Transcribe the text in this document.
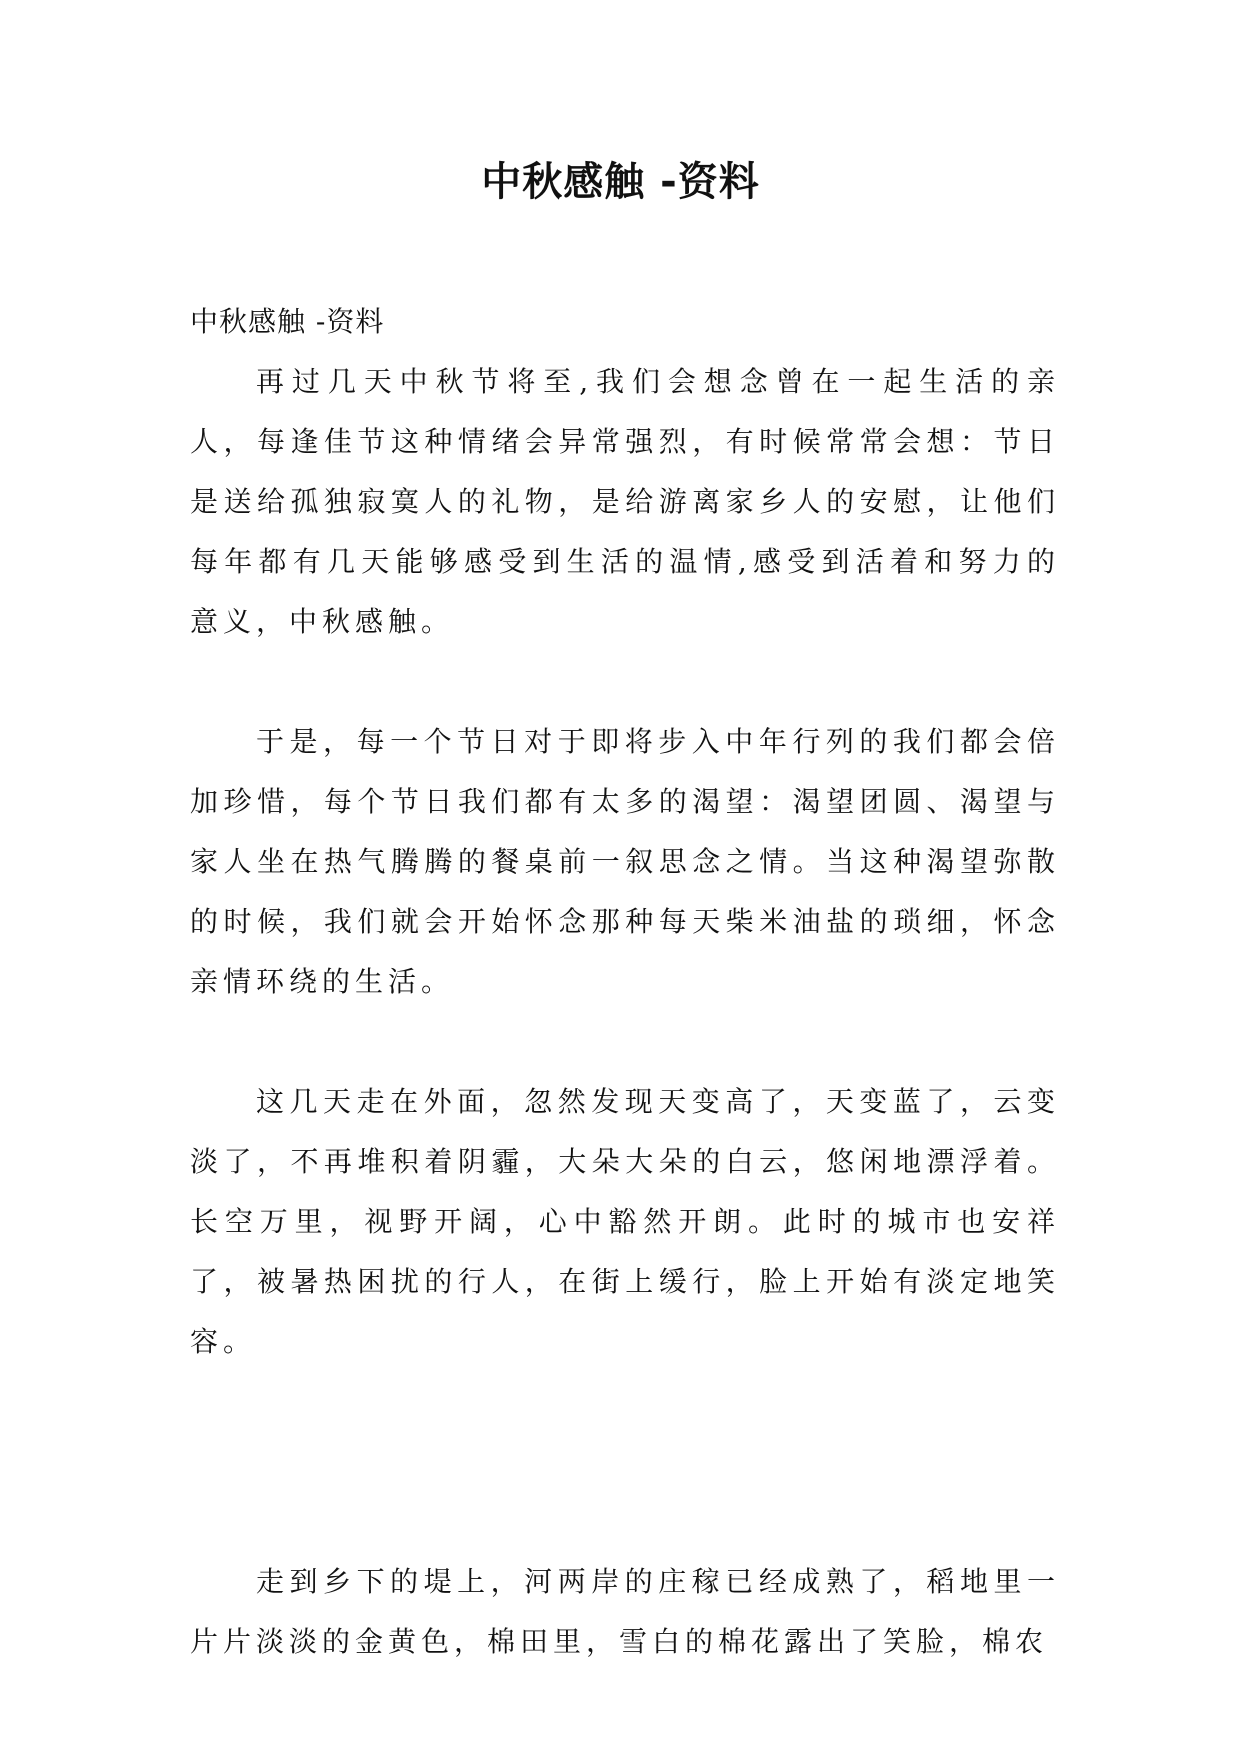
中秋感触 -资料

中秋感触 -资料

再过几天中秋节将至,我们会想念曾在一起生活的亲人，每逢佳节这种情绪会异常强烈，有时候常常会想：节日是送给孤独寂寞人的礼物，是给游离家乡人的安慰，让他们每年都有几天能够感受到生活的温情,感受到活着和努力的意义，中秋感触。

于是，每一个节日对于即将步入中年行列的我们都会倍加珍惜，每个节日我们都有太多的渴望：渴望团圆、渴望与家人坐在热气腾腾的餐桌前一叙思念之情。当这种渴望弥散的时候，我们就会开始怀念那种每天柴米油盐的琐细，怀念亲情环绕的生活。

这几天走在外面，忽然发现天变高了，天变蓝了，云变淡了，不再堆积着阴霾，大朵大朵的白云，悠闲地漂浮着。长空万里，视野开阔，心中豁然开朗。此时的城市也安祥了，被暑热困扰的行人，在街上缓行，脸上开始有淡定地笑容。

走到乡下的堤上，河两岸的庄稼已经成熟了，稻地里一片片淡淡的金黄色，棉田里，雪白的棉花露出了笑脸，棉农
